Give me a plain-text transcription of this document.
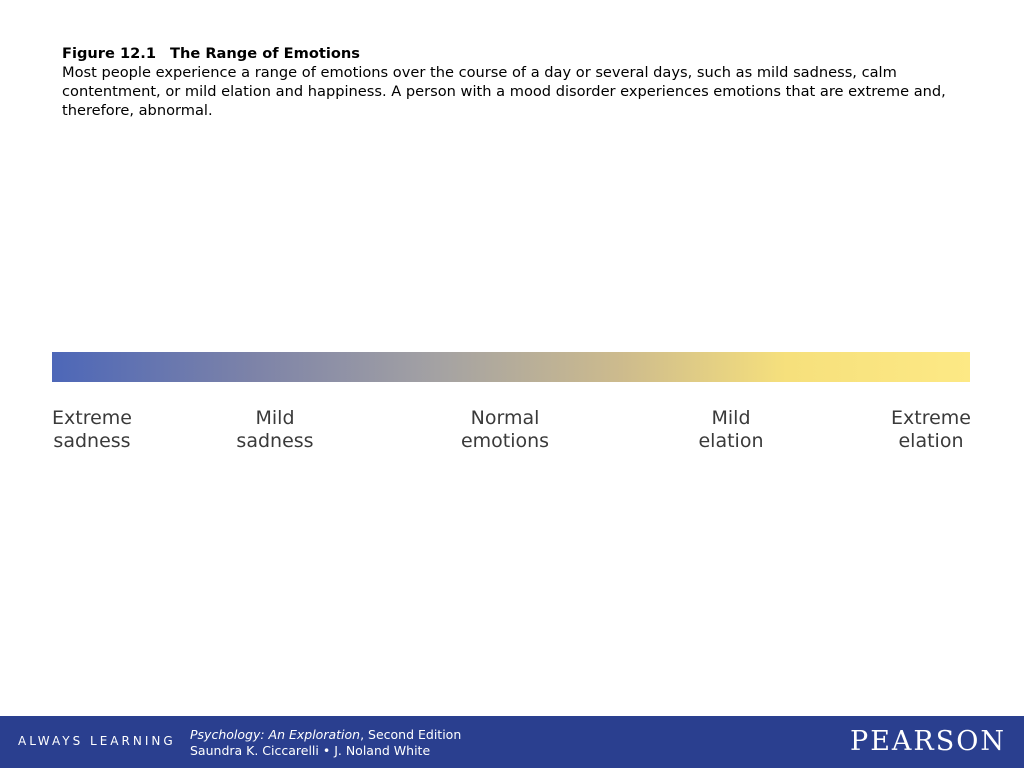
Figure 12.1 The Range of Emotions
Most people experience a range of emotions over the course of a day or several days, such as mild sadness, calm contentment, or mild elation and happiness. A person with a mood disorder experiences emotions that are extreme and, therefore, abnormal.
Extreme
sadness
Mild
sadness
Normal
emotions
Mild
elation
Extreme
elation
ALWAYS LEARNING Psychology: An Exploration, Second Edition
Saundra K. Ciccarelli • J. Noland White	PEARSON
